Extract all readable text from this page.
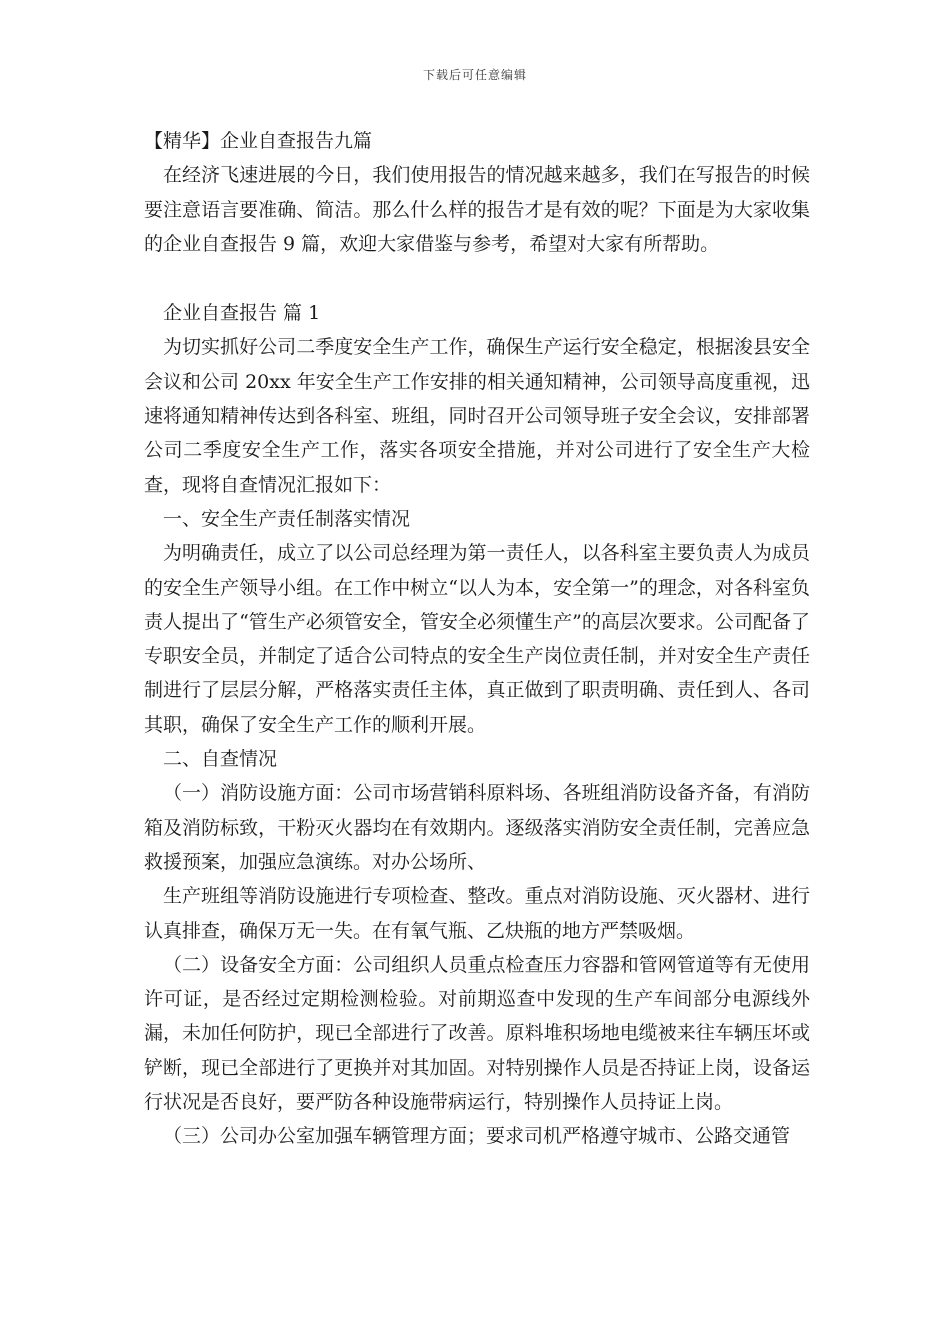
下载后可任意编辑

【精华】企业自查报告九篇

在经济飞速进展的今日，我们使用报告的情况越来越多，我们在写报告的时候要注意语言要准确、简洁。那么什么样的报告才是有效的呢？下面是为大家收集的企业自查报告 9 篇，欢迎大家借鉴与参考，希望对大家有所帮助。

企业自查报告 篇 1

为切实抓好公司二季度安全生产工作，确保生产运行安全稳定，根据浚县安全会议和公司 20xx 年安全生产工作安排的相关通知精神，公司领导高度重视，迅速将通知精神传达到各科室、班组，同时召开公司领导班子安全会议，安排部署公司二季度安全生产工作，落实各项安全措施，并对公司进行了安全生产大检查，现将自查情况汇报如下：

一、安全生产责任制落实情况

为明确责任，成立了以公司总经理为第一责任人，以各科室主要负责人为成员的安全生产领导小组。在工作中树立“以人为本，安全第一”的理念，对各科室负责人提出了“管生产必须管安全，管安全必须懂生产”的高层次要求。公司配备了专职安全员，并制定了适合公司特点的安全生产岗位责任制，并对安全生产责任制进行了层层分解，严格落实责任主体，真正做到了职责明确、责任到人、各司其职，确保了安全生产工作的顺利开展。

二、自查情况

（一）消防设施方面：公司市场营销科原料场、各班组消防设备齐备，有消防箱及消防标致，干粉灭火器均在有效期内。逐级落实消防安全责任制，完善应急救援预案，加强应急演练。对办公场所、

生产班组等消防设施进行专项检查、整改。重点对消防设施、灭火器材、进行认真排查，确保万无一失。在有氧气瓶、乙炔瓶的地方严禁吸烟。

（二）设备安全方面：公司组织人员重点检查压力容器和管网管道等有无使用许可证，是否经过定期检测检验。对前期巡查中发现的生产车间部分电源线外漏，未加任何防护，现已全部进行了改善。原料堆积场地电缆被来往车辆压坏或铲断，现已全部进行了更换并对其加固。对特别操作人员是否持证上岗，设备运行状况是否良好，要严防各种设施带病运行，特别操作人员持证上岗。

（三）公司办公室加强车辆管理方面；要求司机严格遵守城市、公路交通管
